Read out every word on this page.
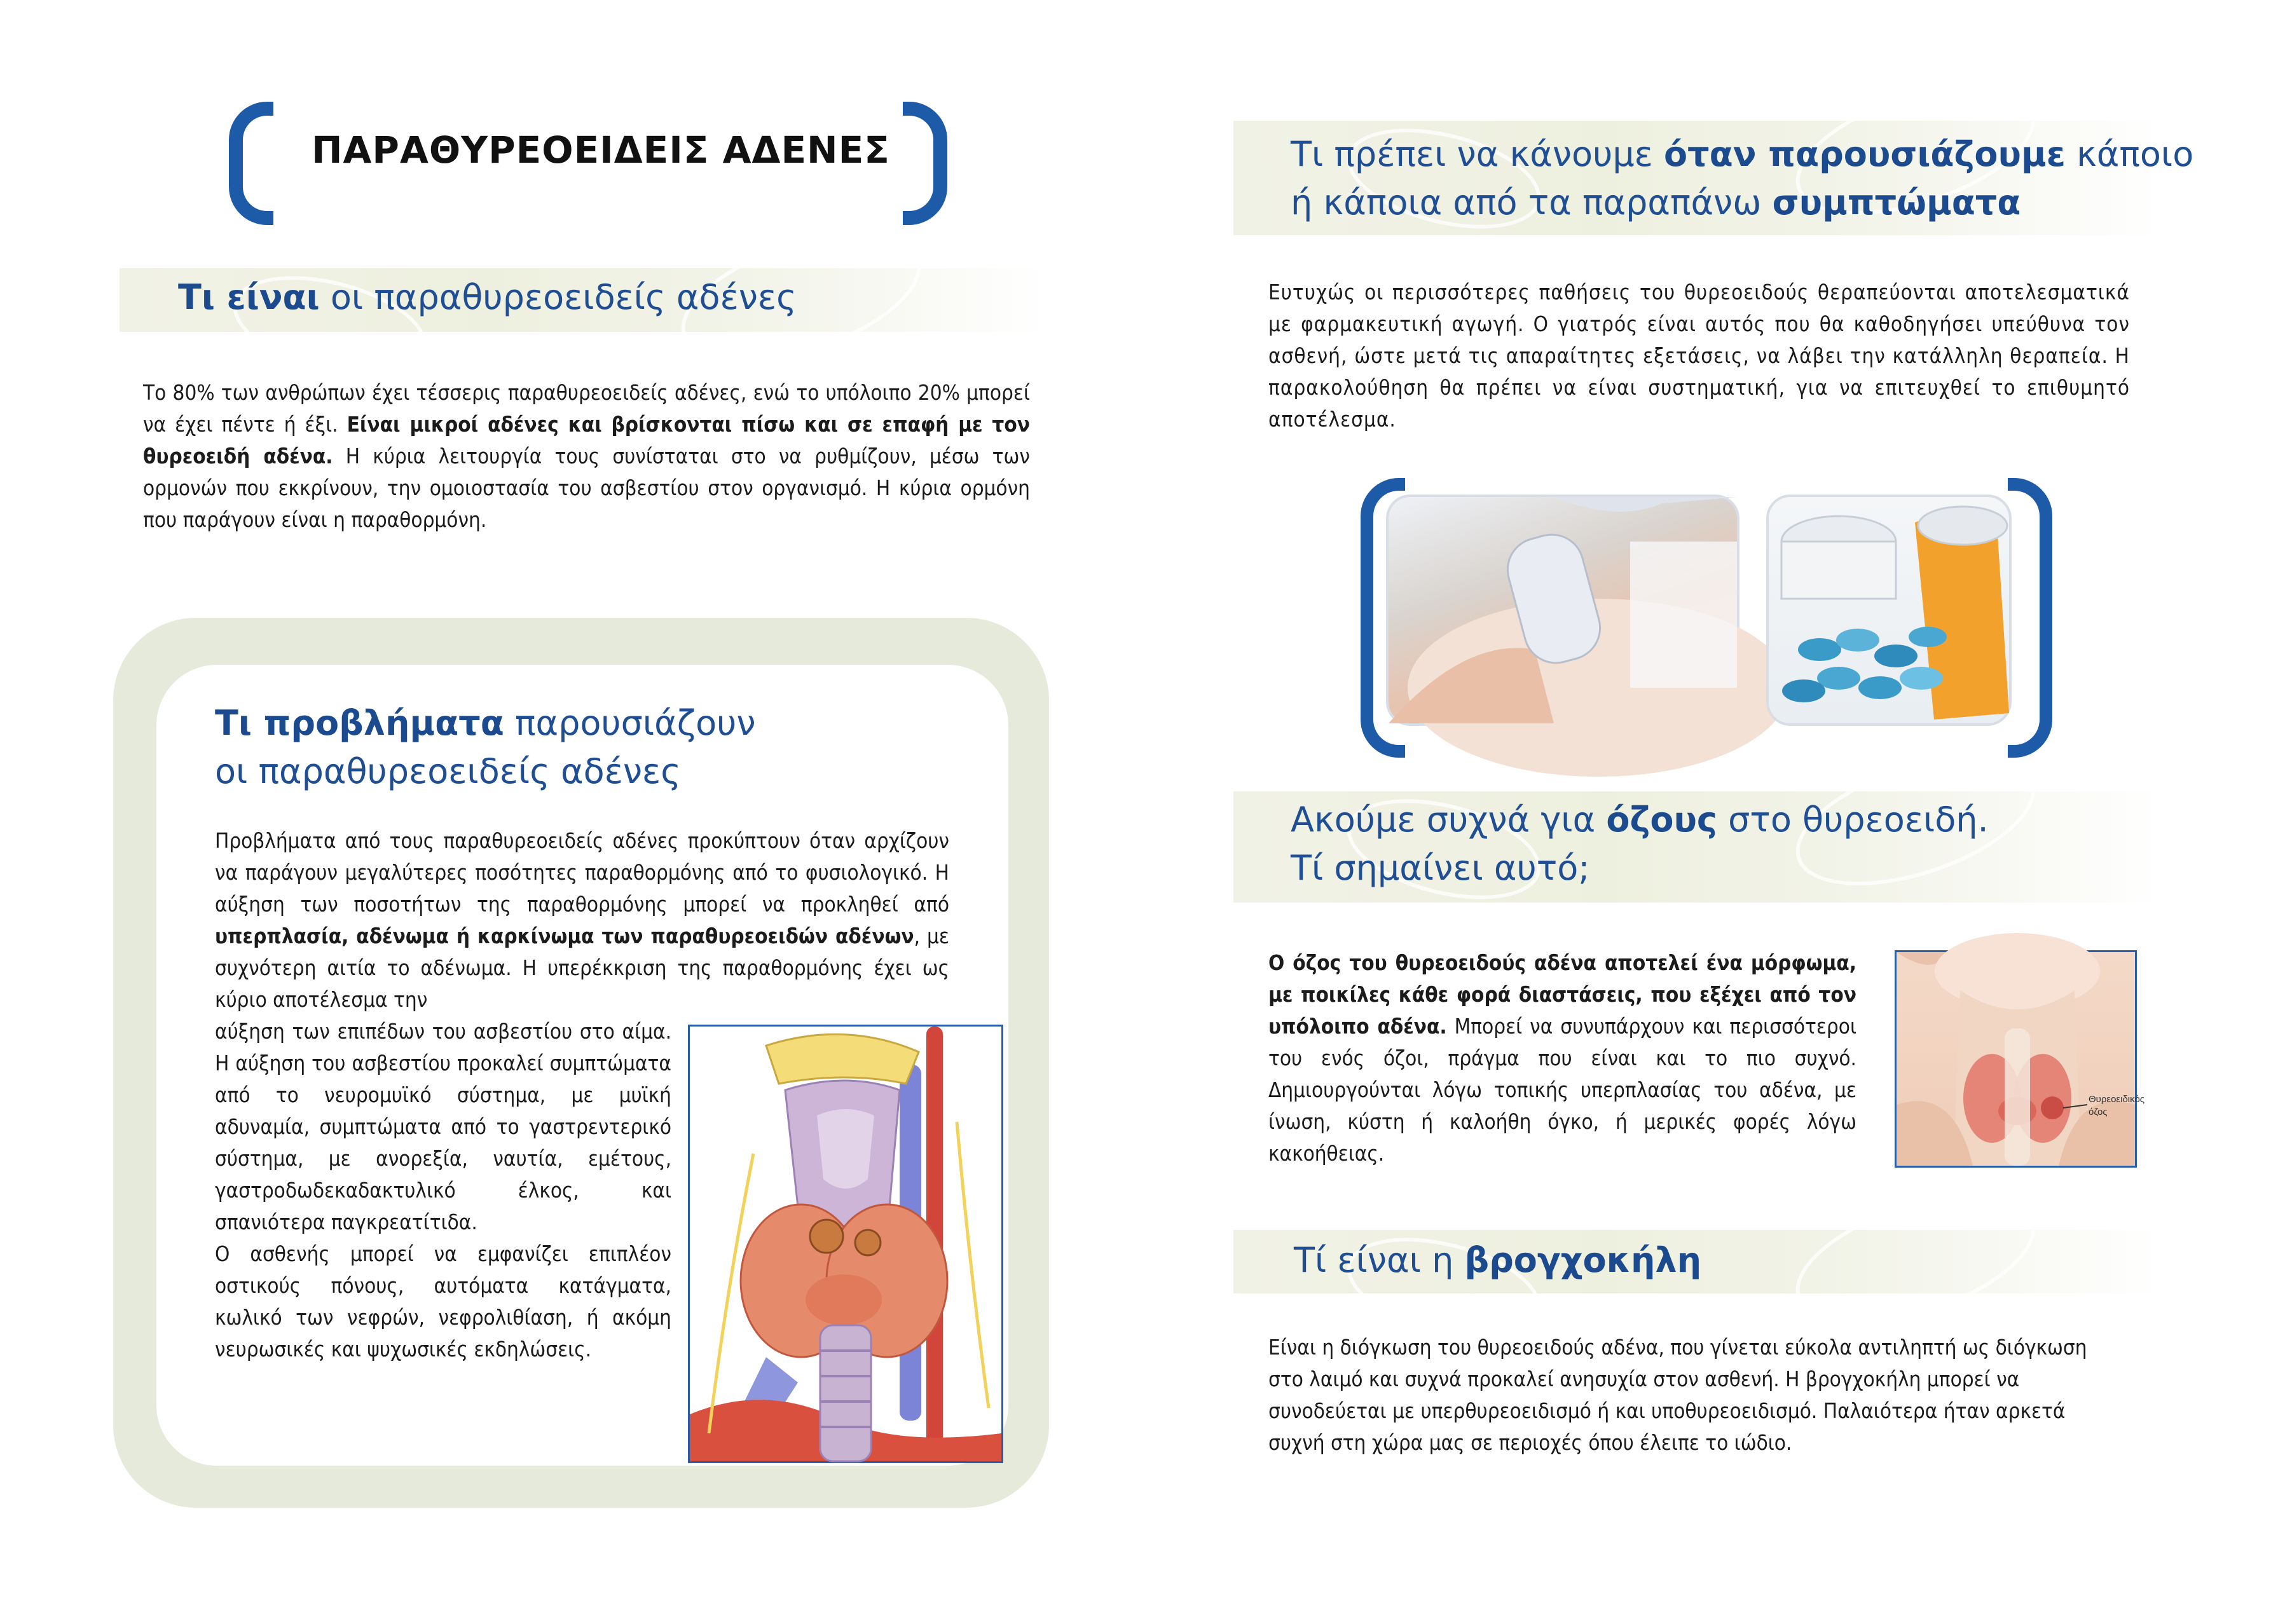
ΠΑΡΑΘΥΡΕΟΕΙΔΕΙΣ ΑΔΕΝΕΣ
Τι είναι οι παραθυρεοειδείς αδένες
Το 80% των ανθρώπων έχει τέσσερις παραθυρεοειδείς αδένες, ενώ το υπόλοιπο 20% μπορεί να έχει πέντε ή έξι. Είναι μικροί αδένες και βρίσκονται πίσω και σε επαφή με τον θυρεοειδή αδένα. Η κύρια λειτουργία τους συνίσταται στο να ρυθμίζουν, μέσω των ορμονών που εκκρίνουν, την ομοιοστασία του ασβεστίου στον οργανισμό. Η κύρια ορμόνη που παράγουν είναι η παραθορμόνη.
Τι προβλήματα παρουσιάζουν
οι παραθυρεοειδείς αδένες
Προβλήματα από τους παραθυρεοειδείς αδένες προκύπτουν όταν αρχίζουν να παράγουν μεγαλύτερες ποσότητες παραθορμόνης από το φυσιολογικό. Η αύξηση των ποσοτήτων της παραθορμόνης μπορεί να προκληθεί από υπερπλασία, αδένωμα ή καρκίνωμα των παραθυρεοειδών αδένων, με συχνότερη αιτία το αδένωμα. Η υπερέκκριση της παραθορμόνης έχει ως κύριο αποτέλεσμα την
αύξηση των επιπέδων του ασβεστίου στο αίμα. Η αύξηση του ασβεστίου προκαλεί συμπτώματα από το νευρομυϊκό σύστημα, με μυϊκή αδυναμία, συμπτώματα από το γαστρεντερικό σύστημα, με ανορεξία, ναυτία, εμέτους, γαστροδωδεκαδακτυλικό έλκος, και σπανιότερα παγκρεατίτιδα.
Ο ασθενής μπορεί να εμφανίζει επιπλέον οστικούς πόνους, αυτόματα κατάγματα, κωλικό των νεφρών, νεφρολιθίαση, ή ακόμη νευρωσικές και ψυχωσικές εκδηλώσεις.
Τι πρέπει να κάνουμε όταν παρουσιάζουμε κάποιο
ή κάποια από τα παραπάνω συμπτώματα
Ευτυχώς οι περισσότερες παθήσεις του θυρεοειδούς θεραπεύονται αποτελεσματικά με φαρμακευτική αγωγή. Ο γιατρός είναι αυτός που θα καθοδηγήσει υπεύθυνα τον ασθενή, ώστε μετά τις απαραίτητες εξετάσεις, να λάβει την κατάλληλη θεραπεία. Η παρακολούθηση θα πρέπει να είναι συστηματική, για να επιτευχθεί το επιθυμητό αποτέλεσμα.
Ακούμε συχνά για όζους στο θυρεοειδή.
Τί σημαίνει αυτό;
Ο όζος του θυρεοειδούς αδένα αποτελεί ένα μόρφωμα, με ποικίλες κάθε φορά διαστάσεις, που εξέχει από τον υπόλοιπο αδένα. Μπορεί να συνυπάρχουν και περισσότεροι του ενός όζοι, πράγμα που είναι και το πιο συχνό. Δημιουργούνται λόγω τοπικής υπερπλασίας του αδένα, με ίνωση, κύστη ή καλοήθη όγκο, ή μερικές φορές λόγω κακοήθειας.
Θυρεοειδικός
όζος
Τί είναι η βρογχοκήλη
Είναι η διόγκωση του θυρεοειδούς αδένα, που γίνεται εύκολα αντιληπτή ως διόγκωση στο λαιμό και συχνά προκαλεί ανησυχία στον ασθενή. Η βρογχοκήλη μπορεί να συνοδεύεται με υπερθυρεοειδισμό ή και υποθυρεοειδισμό. Παλαιότερα ήταν αρκετά συχνή στη χώρα μας σε περιοχές όπου έλειπε το ιώδιο.
